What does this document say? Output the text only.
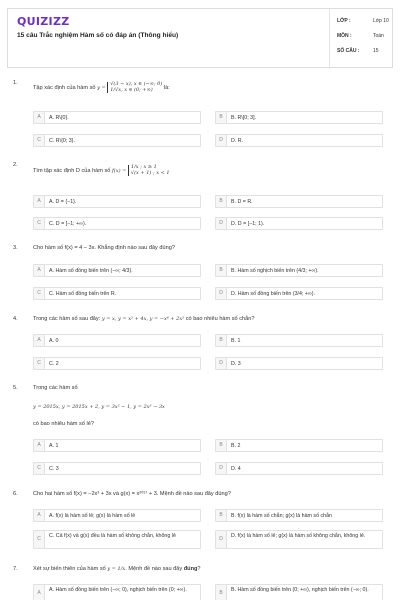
QUIZIZZ
15 câu Trắc nghiệm Hàm số có đáp án (Thông hiểu)
LỚP :	Lớp 10
MÔN :	Toán
SỐ CÂU :	15
1.
Tập xác định của hàm số y =
√(3 − x), x ∈ (−∞; 0)
1/√x, x ∈ (0; +∞)	là:
A	A. R\{0}.	B	B. R\[0; 3].
C	C. R\{0; 3}.	D	D. R.
2.
Tìm tập xác định D của hàm số f(x) =
1/x ; x ≥ 1
√(x + 1) ; x < 1
A	A. D = {−1}.	B	B. D = R.
C	C. D = [−1; +∞).	D	D. D = [−1; 1).
3.	Cho hàm số f(x) = 4 – 3x. Khẳng định nào sau đây đúng?
A	A. Hàm số đồng biến trên (−∞; 4/3).	B	B. Hàm số nghịch biến trên (4/3; +∞).
C	C. Hàm số đồng biến trên R.	D	D. Hàm số đồng biến trên (3/4; +∞).
4.	Trong các hàm số sau đây: y = x, y = x² + 4x, y = −x⁴ + 2x² có bao nhiêu hàm số chẵn?
A	A. 0	B	B. 1
C	C. 2	D	D. 3
5.	Trong các hàm số
y = 2015x, y = 2015x + 2, y = 3x² − 1, y = 2x³ − 3x
có bao nhiêu hàm số lẻ?
A	A. 1	B	B. 2
C	C. 3	D	D. 4
6.	Cho hai hàm số f(x) = −2x³ + 3x và g(x) = x²⁰¹⁷ + 3. Mệnh đề nào sau đây đúng?
A	A. f(x) là hàm số lẻ; g(x) là hàm số lẻ	B	B. f(x) là hàm số chẵn; g(x) là hàm số chẵn
C	C. Cả f(x) và g(x) đều là hàm số không chẵn, không lẻ	D	D. f(x) là hàm số lẻ; g(x) là hàm số không chẵn, không lẻ.
7.	Xét sự biến thiên của hàm số y = 1/x. Mệnh đề nào sau đây đúng?
A	A. Hàm số đồng biến trên (−∞; 0), nghịch biến trên (0; +∞).	B	B. Hàm số đồng biến trên (0; +∞), nghịch biến trên (−∞; 0).
